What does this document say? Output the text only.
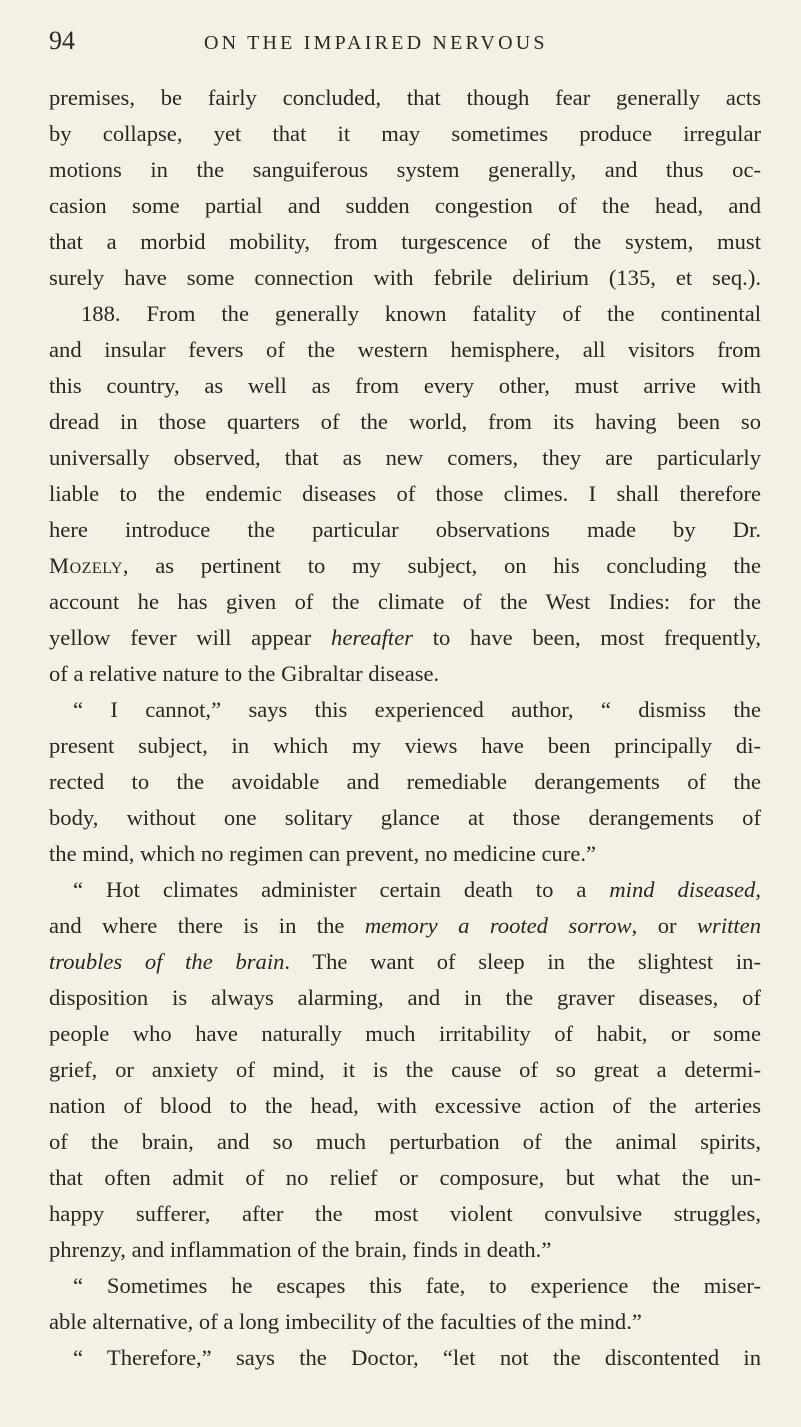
94	ON THE IMPAIRED NERVOUS
premises, be fairly concluded, that though fear generally acts
by collapse, yet that it may sometimes produce irregular
motions in the sanguiferous system generally, and thus oc-
casion some partial and sudden congestion of the head, and
that a morbid mobility, from turgescence of the system, must
surely have some connection with febrile delirium (135, et seq.).
188. From the generally known fatality of the continental
and insular fevers of the western hemisphere, all visitors from
this country, as well as from every other, must arrive with
dread in those quarters of the world, from its having been so
universally observed, that as new comers, they are particularly
liable to the endemic diseases of those climes. I shall therefore
here introduce the particular observations made by Dr.
Mozely, as pertinent to my subject, on his concluding the
account he has given of the climate of the West Indies: for the
yellow fever will appear hereafter to have been, most frequently,
of a relative nature to the Gibraltar disease.
“ I cannot,” says this experienced author, “ dismiss the
present subject, in which my views have been principally di-
rected to the avoidable and remediable derangements of the
body, without one solitary glance at those derangements of
the mind, which no regimen can prevent, no medicine cure.”
“ Hot climates administer certain death to a mind diseased,
and where there is in the memory a rooted sorrow, or written
troubles of the brain. The want of sleep in the slightest in-
disposition is always alarming, and in the graver diseases, of
people who have naturally much irritability of habit, or some
grief, or anxiety of mind, it is the cause of so great a determi-
nation of blood to the head, with excessive action of the arteries
of the brain, and so much perturbation of the animal spirits,
that often admit of no relief or composure, but what the un-
happy sufferer, after the most violent convulsive struggles,
phrenzy, and inflammation of the brain, finds in death.”
“ Sometimes he escapes this fate, to experience the miser-
able alternative, of a long imbecility of the faculties of the mind.”
“ Therefore,” says the Doctor, “let not the discontented in
